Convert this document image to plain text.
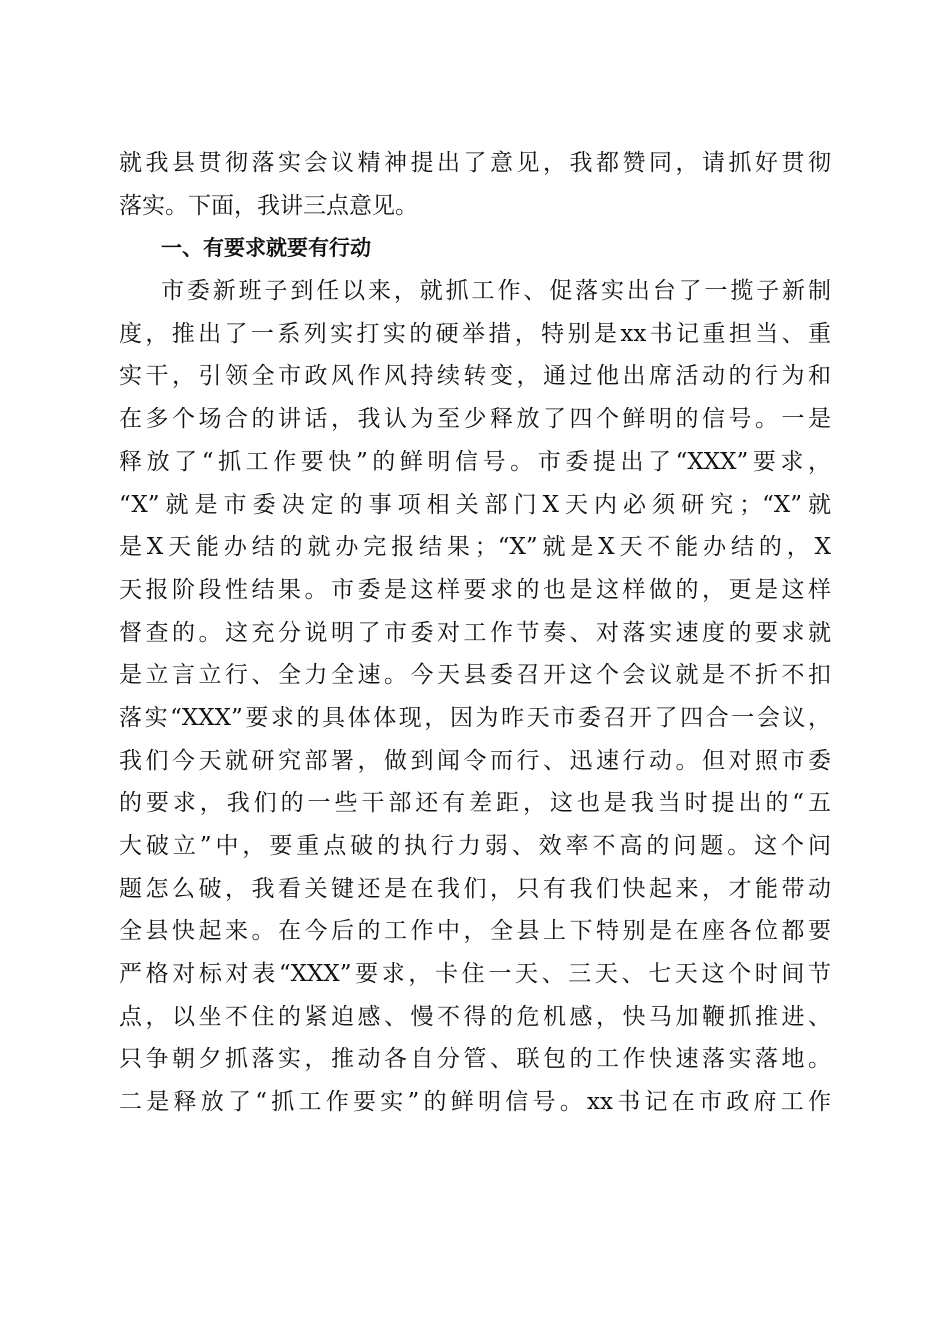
就我县贯彻落实会议精神提出了意见，我都赞同，请抓好贯彻
落实。下面，我讲三点意见。
一、有要求就要有行动
市委新班子到任以来，就抓工作、促落实出台了一揽子新制
度，推出了一系列实打实的硬举措，特别是xx书记重担当、重
实干，引领全市政风作风持续转变，通过他出席活动的行为和
在多个场合的讲话，我认为至少释放了四个鲜明的信号。一是
释放了“抓工作要快”的鲜明信号。市委提出了“XXX”要求，
“X”就是市委决定的事项相关部门X天内必须研究；“X”就
是X天能办结的就办完报结果；“X”就是X天不能办结的，X
天报阶段性结果。市委是这样要求的也是这样做的，更是这样
督查的。这充分说明了市委对工作节奏、对落实速度的要求就
是立言立行、全力全速。今天县委召开这个会议就是不折不扣
落实“XXX”要求的具体体现，因为昨天市委召开了四合一会议，
我们今天就研究部署，做到闻令而行、迅速行动。但对照市委
的要求，我们的一些干部还有差距，这也是我当时提出的“五
大破立”中，要重点破的执行力弱、效率不高的问题。这个问
题怎么破，我看关键还是在我们，只有我们快起来，才能带动
全县快起来。在今后的工作中，全县上下特别是在座各位都要
严格对标对表“XXX”要求，卡住一天、三天、七天这个时间节
点，以坐不住的紧迫感、慢不得的危机感，快马加鞭抓推进、
只争朝夕抓落实，推动各自分管、联包的工作快速落实落地。
二是释放了“抓工作要实”的鲜明信号。xx书记在市政府工作
